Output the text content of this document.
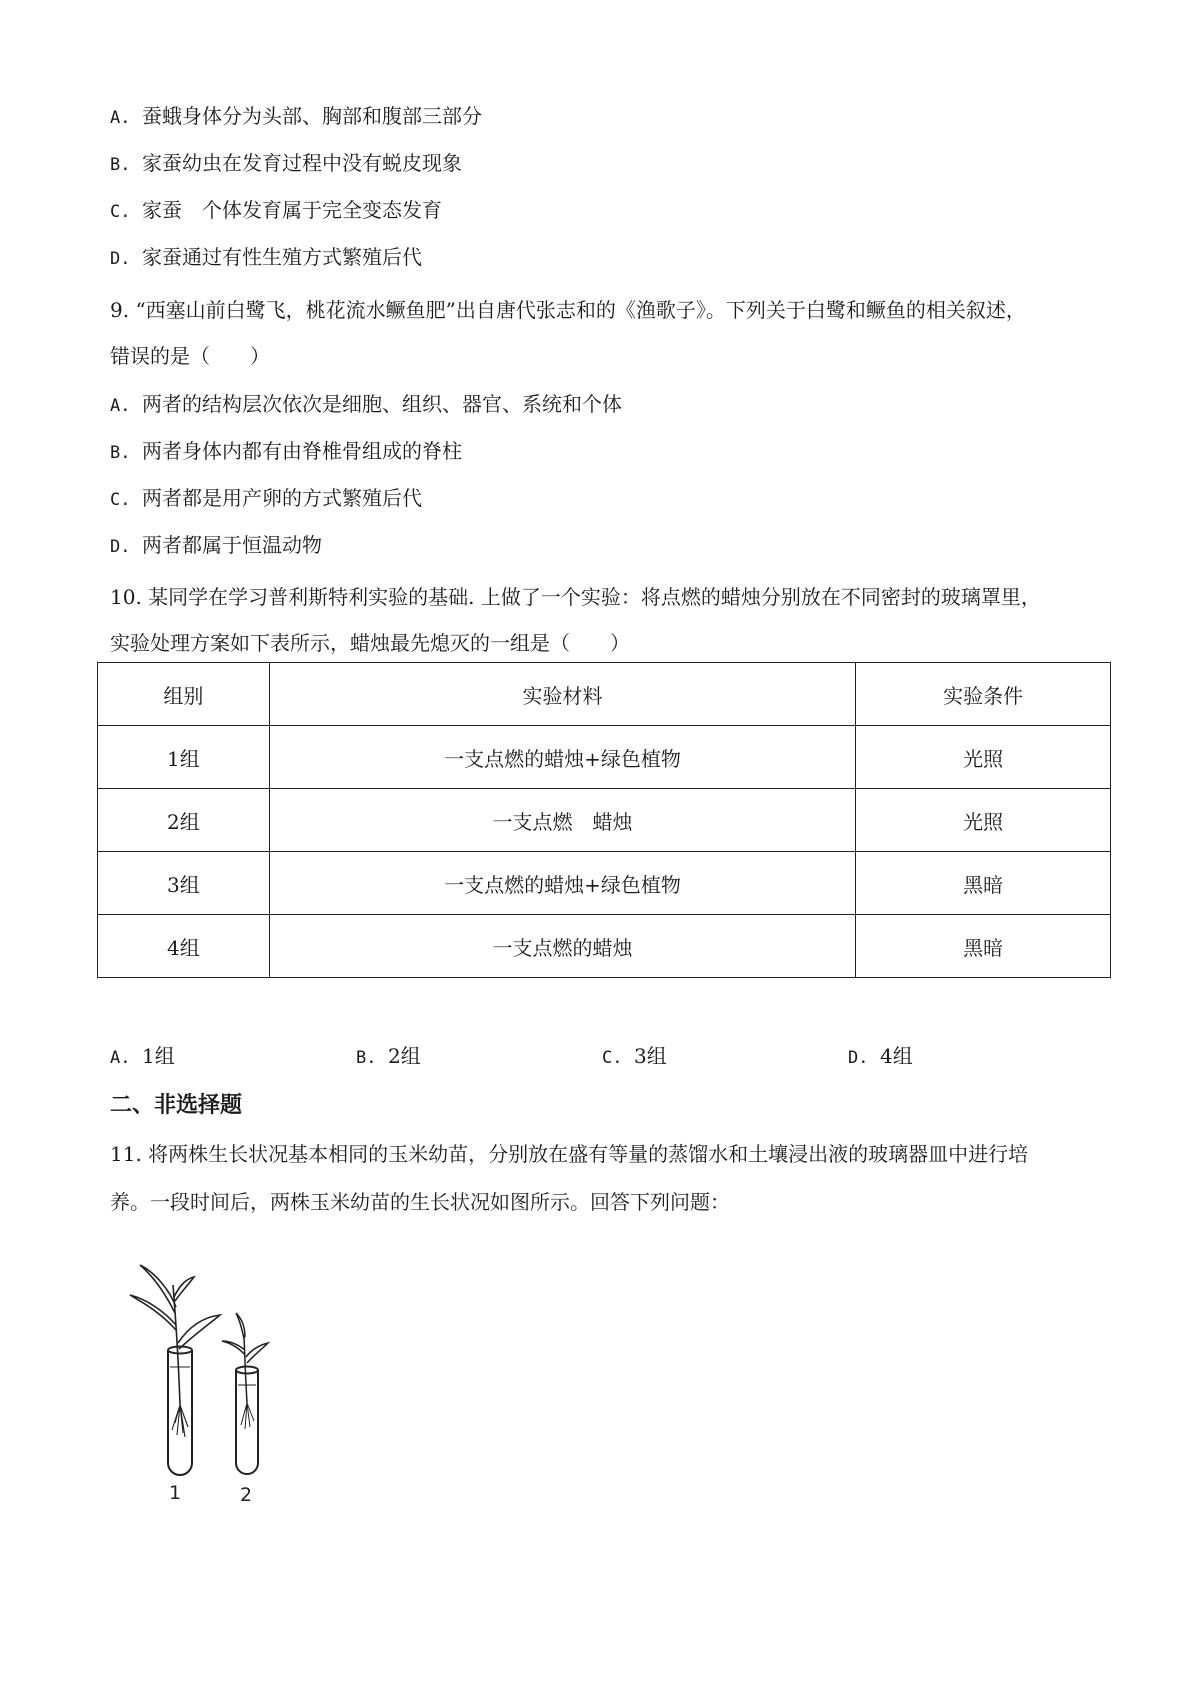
A. 蚕蛾身体分为头部、胸部和腹部三部分
B. 家蚕幼虫在发育过程中没有蜕皮现象
C. 家蚕　个体发育属于完全变态发育
D. 家蚕通过有性生殖方式繁殖后代
9. “西塞山前白鹭飞，桃花流水鳜鱼肥”出自唐代张志和的《渔歌子》。下列关于白鹭和鳜鱼的相关叙述，
错误的是（　　）
A. 两者的结构层次依次是细胞、组织、器官、系统和个体
B. 两者身体内都有由脊椎骨组成的脊柱
C. 两者都是用产卵的方式繁殖后代
D. 两者都属于恒温动物
10. 某同学在学习普利斯特利实验的基础. 上做了一个实验：将点燃的蜡烛分别放在不同密封的玻璃罩里，
实验处理方案如下表所示，蜡烛最先熄灭的一组是（　　）
组别	实验材料	实验条件
1组	一支点燃的蜡烛+绿色植物	光照
2组	一支点燃　蜡烛	光照
3组	一支点燃的蜡烛+绿色植物	黑暗
4组	一支点燃的蜡烛	黑暗
A. 1组	B. 2组	C. 3组	D. 4组
二、非选择题
11. 将两株生长状况基本相同的玉米幼苗，分别放在盛有等量的蒸馏水和土壤浸出液的玻璃器皿中进行培
养。一段时间后，两株玉米幼苗的生长状况如图所示。回答下列问题：
1	2
